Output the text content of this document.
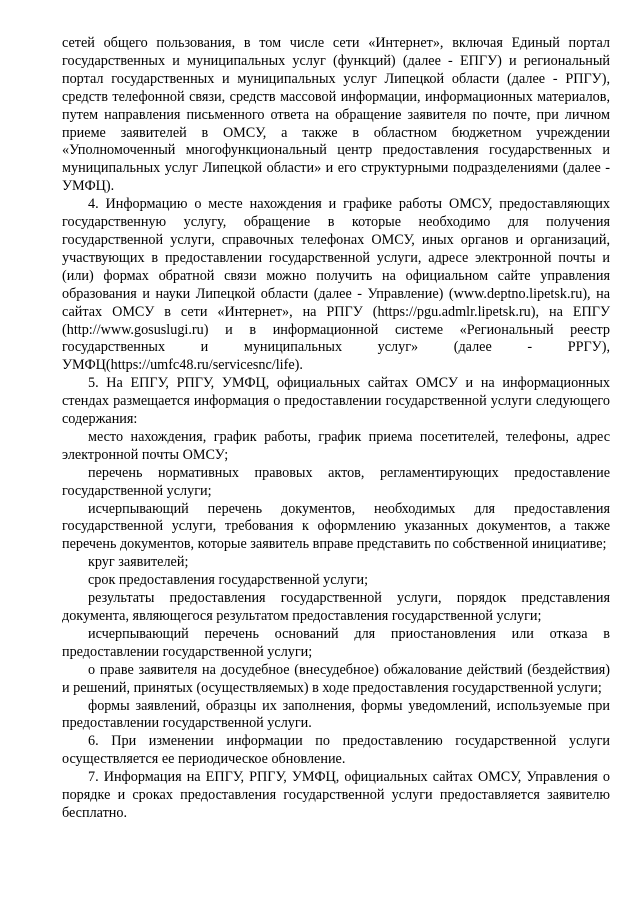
сетей общего пользования, в том числе сети «Интернет», включая Единый портал государственных и муниципальных услуг (функций) (далее - ЕПГУ) и региональный портал государственных и муниципальных услуг Липецкой области (далее - РПГУ), средств телефонной связи, средств массовой информации, информационных материалов, путем направления письменного ответа на обращение заявителя по почте, при личном приеме заявителей в ОМСУ, а также в областном бюджетном учреждении «Уполномоченный многофункциональный центр предоставления государственных и муниципальных услуг Липецкой области» и его структурными подразделениями (далее - УМФЦ).

4. Информацию о месте нахождения и графике работы ОМСУ, предоставляющих государственную услугу, обращение в которые необходимо для получения государственной услуги, справочных телефонах ОМСУ, иных органов и организаций, участвующих в предоставлении государственной услуги, адресе электронной почты и (или) формах обратной связи можно получить на официальном сайте управления образования и науки Липецкой области (далее - Управление) (www.deptno.lipetsk.ru), на сайтах ОМСУ в сети «Интернет», на РПГУ (https://pgu.admlr.lipetsk.ru), на ЕПГУ (http://www.gosuslugi.ru) и в информационной системе «Региональный реестр государственных и муниципальных услуг» (далее - РРГУ), УМФЦ(https://umfc48.ru/servicesnc/life).

5. На ЕПГУ, РПГУ, УМФЦ, официальных сайтах ОМСУ и на информационных стендах размещается информация о предоставлении государственной услуги следующего содержания:

место нахождения, график работы, график приема посетителей, телефоны, адрес электронной почты ОМСУ;

перечень нормативных правовых актов, регламентирующих предоставление государственной услуги;

исчерпывающий перечень документов, необходимых для предоставления государственной услуги, требования к оформлению указанных документов, а также перечень документов, которые заявитель вправе представить по собственной инициативе;

круг заявителей;

срок предоставления государственной услуги;

результаты предоставления государственной услуги, порядок представления документа, являющегося результатом предоставления государственной услуги;

исчерпывающий перечень оснований для приостановления или отказа в предоставлении государственной услуги;

о праве заявителя на досудебное (внесудебное) обжалование действий (бездействия) и решений, принятых (осуществляемых) в ходе предоставления государственной услуги;

формы заявлений, образцы их заполнения, формы уведомлений, используемые при предоставлении государственной услуги.

6. При изменении информации по предоставлению государственной услуги осуществляется ее периодическое обновление.

7. Информация на ЕПГУ, РПГУ, УМФЦ, официальных сайтах ОМСУ, Управления о порядке и сроках предоставления государственной услуги предоставляется заявителю бесплатно.
